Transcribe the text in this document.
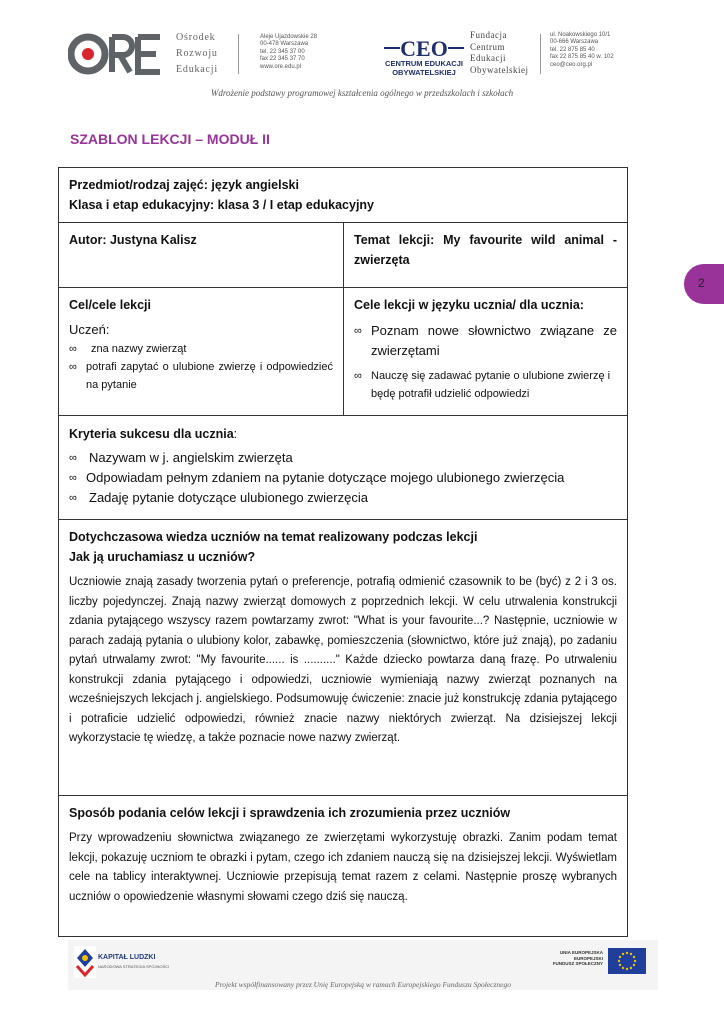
Ośrodek
Rozwoju
Edukacji
Aleje Ujazdowskie 28
00-478 Warszawa
tel. 22 345 37 00
fax 22 345 37 70
www.ore.edu.pl
CEO
CENTRUM EDUKACJI
OBYWATELSKIEJ
Fundacja
Centrum
Edukacji
Obywatelskiej
ul. Noakowskiego 10/1
00-666 Warszawa
tel. 22 875 85 40
fax 22 875 85 40 w. 102
ceo@ceo.org.pl
Wdrożenie podstawy programowej kształcenia ogólnego w przedszkolach i szkołach
SZABLON LEKCJI – MODUŁ II
2
Przedmiot/rodzaj zajęć: język angielski
Klasa i etap edukacyjny: klasa 3 / I etap edukacyjny
Autor: Justyna Kalisz	Temat lekcji: My favourite wild animal - zwierzęta
Cel/cele lekcji
Uczeń:
∞ zna nazwy zwierząt
∞ potrafi zapytać o ulubione zwierzę i odpowiedzieć na pytanie
Cele lekcji w języku ucznia/ dla ucznia:
∞ Poznam nowe słownictwo związane ze zwierzętami
∞ Nauczę się zadawać pytanie o ulubione zwierzę i będę potrafił udzielić odpowiedzi
Kryteria sukcesu dla ucznia:
∞ Nazywam w j. angielskim zwierzęta
∞ Odpowiadam pełnym zdaniem na pytanie dotyczące mojego ulubionego zwierzęcia
∞ Zadaję pytanie dotyczące ulubionego zwierzęcia
Dotychczasowa wiedza uczniów na temat realizowany podczas lekcji
Jak ją uruchamiasz u uczniów?
Uczniowie znają zasady tworzenia pytań o preferencje, potrafią odmienić czasownik to be (być) z 2 i 3 os. liczby pojedynczej. Znają nazwy zwierząt domowych z poprzednich lekcji. W celu utrwalenia konstrukcji zdania pytającego wszyscy razem powtarzamy zwrot: "What is your favourite...? Następnie, uczniowie w parach zadają pytania o ulubiony kolor, zabawkę, pomieszczenia (słownictwo, które już znają), po zadaniu pytań utrwalamy zwrot: "My favourite...... is .........." Każde dziecko powtarza daną frazę. Po utrwaleniu konstrukcji zdania pytającego i odpowiedzi, uczniowie wymieniają nazwy zwierząt poznanych na wcześniejszych lekcjach j. angielskiego. Podsumowuję ćwiczenie: znacie już konstrukcję zdania pytającego i potraficie udzielić odpowiedzi, również znacie nazwy niektórych zwierząt. Na dzisiejszej lekcji wykorzystacie tę wiedzę, a także poznacie nowe nazwy zwierząt.
Sposób podania celów lekcji i sprawdzenia ich zrozumienia przez uczniów
Przy wprowadzeniu słownictwa związanego ze zwierzętami wykorzystuję obrazki. Zanim podam temat lekcji, pokazuję uczniom te obrazki i pytam, czego ich zdaniem nauczą się na dzisiejszej lekcji. Wyświetlam cele na tablicy interaktywnej. Uczniowie przepisują temat razem z celami. Następnie proszę wybranych uczniów o opowiedzenie własnymi słowami czego dziś się nauczą.
KAPITAŁ LUDZKI
NARODOWA STRATEGIA SPÓJNOŚCI
UNIA EUROPEJSKA
EUROPEJSKI
FUNDUSZ SPOŁECZNY
Projekt współfinansowany przez Unię Europejską w ramach Europejskiego Funduszu Społecznego
